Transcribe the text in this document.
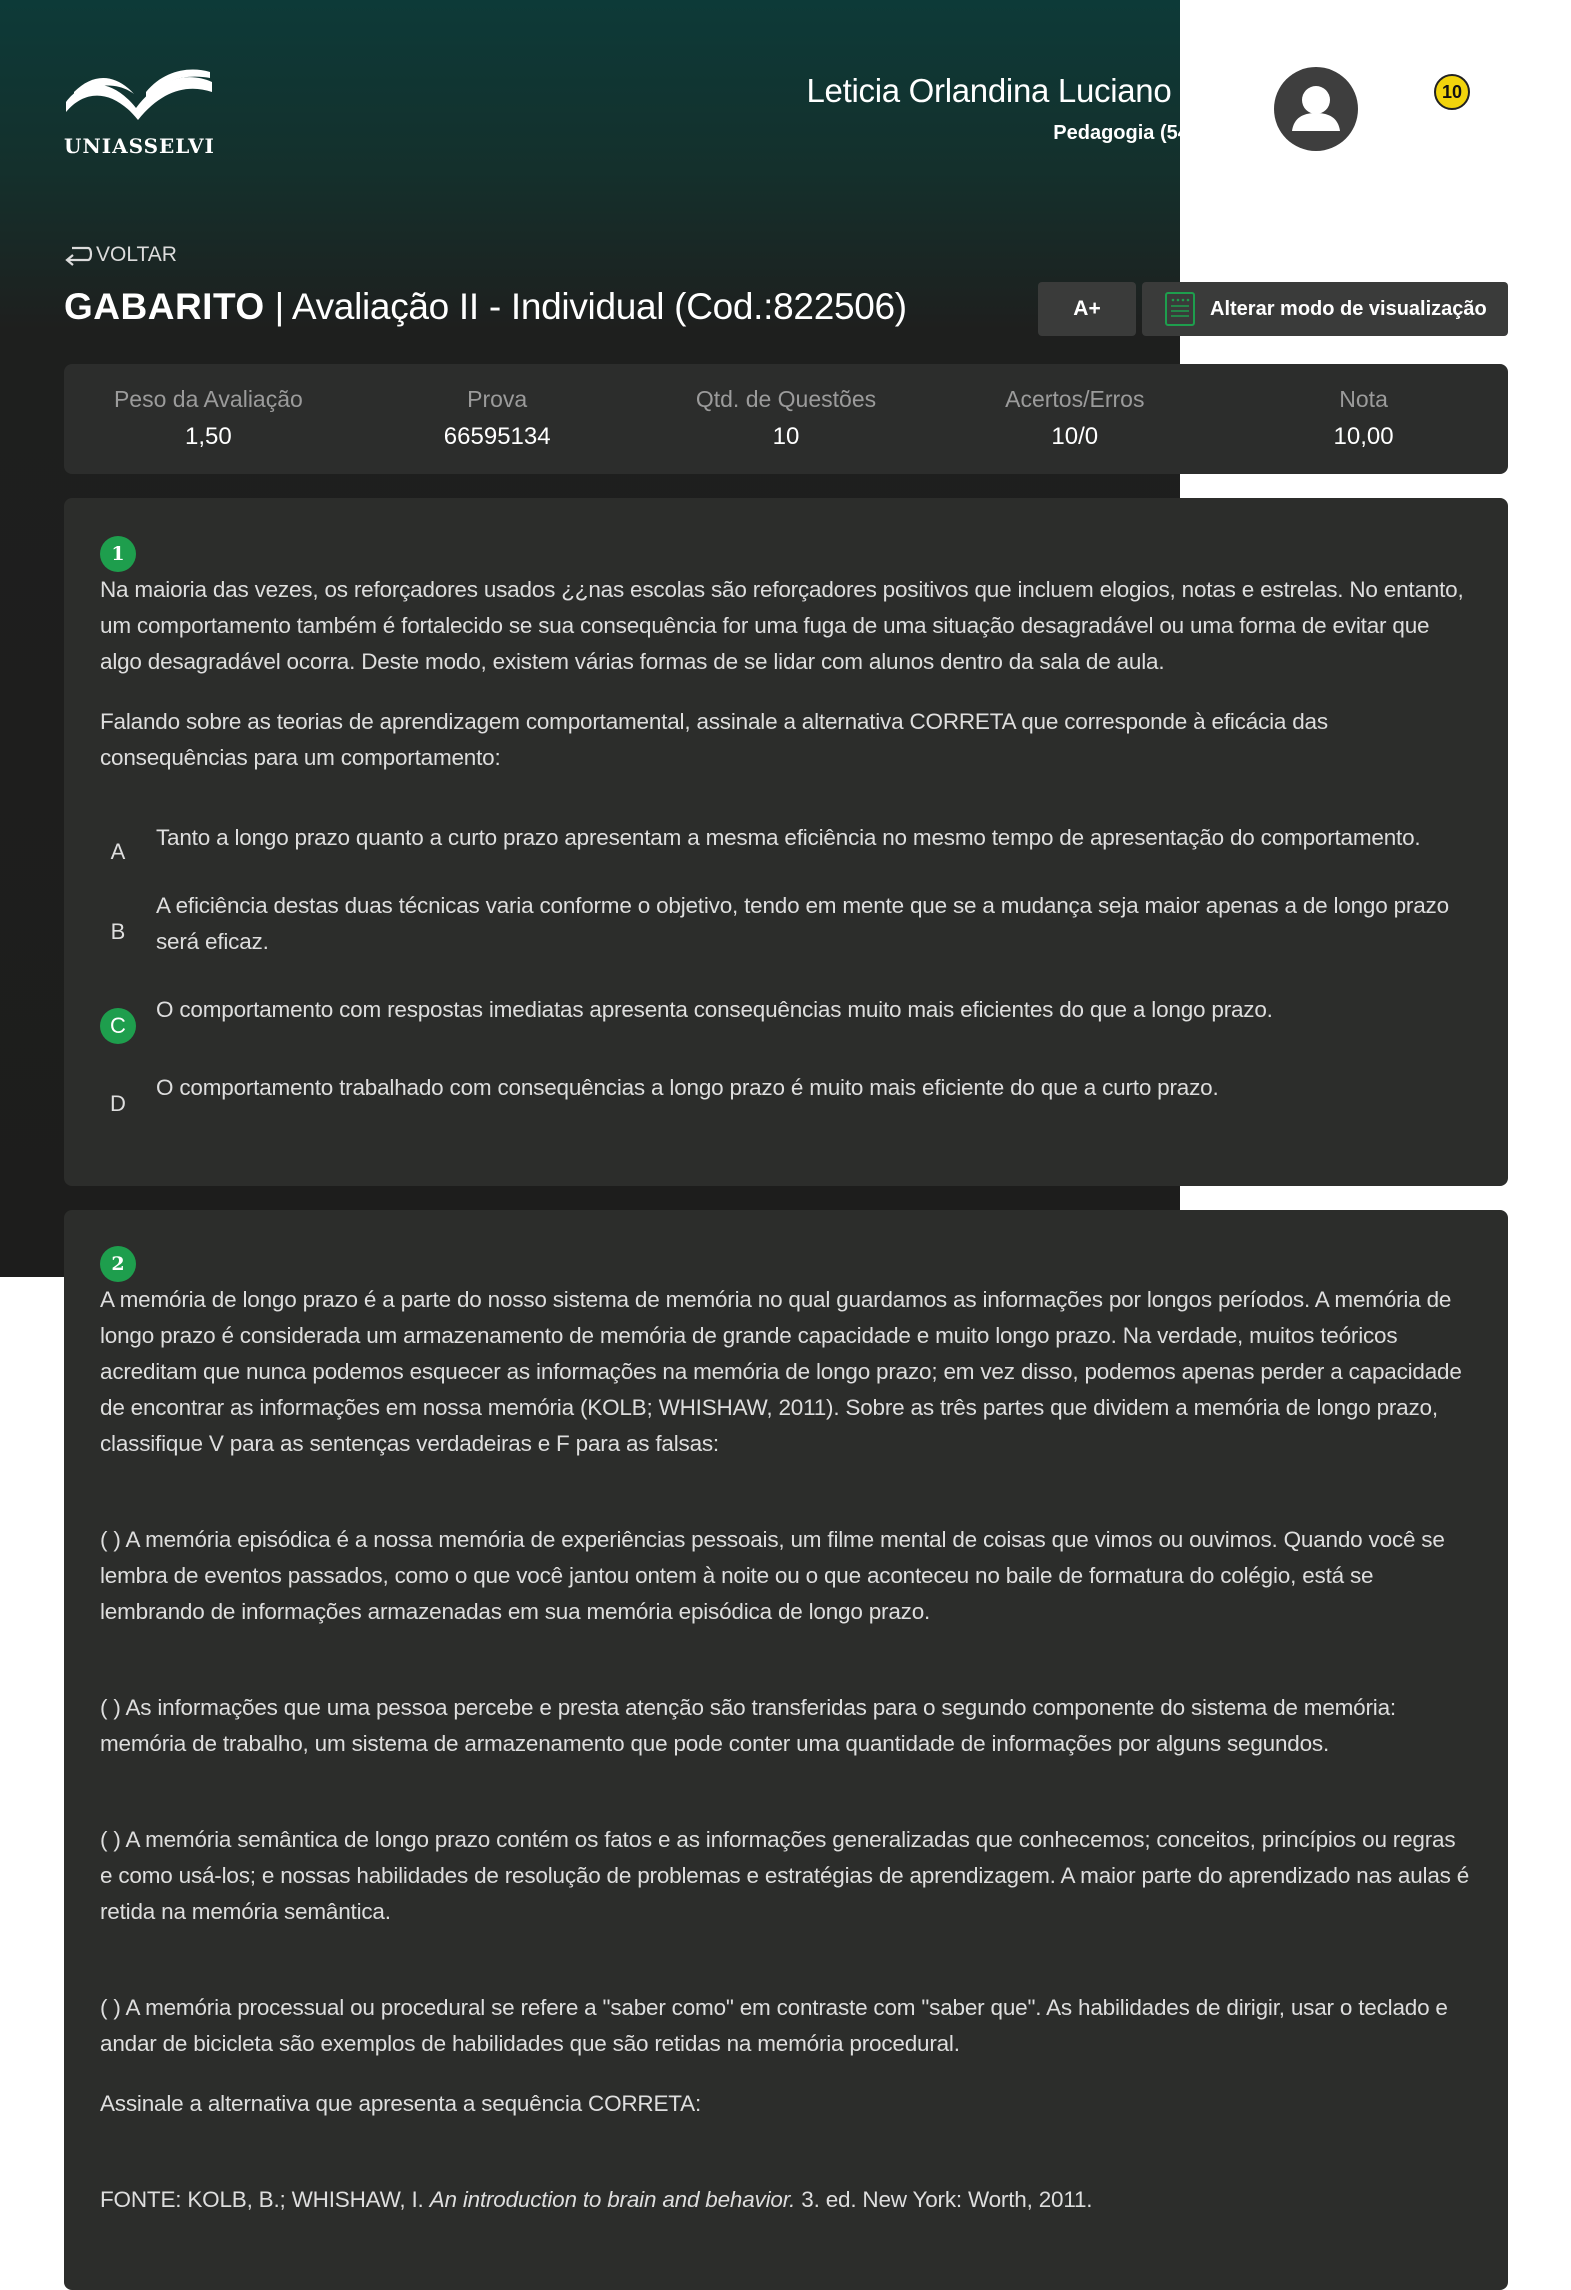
UNIASSELVI
Leticia Orlandina Luciano S
Pedagogia (545
10
VOLTAR
GABARITO | Avaliação II - Individual (Cod.:822506)	A+	Alterar modo de visualização
Peso da Avaliação
1,50
Prova
66595134
Qtd. de Questões
10
Acertos/Erros
10/0
Nota
10,00
1

Na maioria das vezes, os reforçadores usados ¿¿nas escolas são reforçadores positivos que incluem elogios, notas e estrelas. No entanto, um comportamento também é fortalecido se sua consequência for uma fuga de uma situação desagradável ou uma forma de evitar que algo desagradável ocorra. Deste modo, existem várias formas de se lidar com alunos dentro da sala de aula.

Falando sobre as teorias de aprendizagem comportamental, assinale a alternativa CORRETA que corresponde à eficácia das consequências para um comportamento:

A
Tanto a longo prazo quanto a curto prazo apresentam a mesma eficiência no mesmo tempo de apresentação do comportamento.
B
A eficiência destas duas técnicas varia conforme o objetivo, tendo em mente que se a mudança seja maior apenas a de longo prazo será eficaz.
C
O comportamento com respostas imediatas apresenta consequências muito mais eficientes do que a longo prazo.
D
O comportamento trabalhado com consequências a longo prazo é muito mais eficiente do que a curto prazo.
2

A memória de longo prazo é a parte do nosso sistema de memória no qual guardamos as informações por longos períodos. A memória de longo prazo é considerada um armazenamento de memória de grande capacidade e muito longo prazo. Na verdade, muitos teóricos acreditam que nunca podemos esquecer as informações na memória de longo prazo; em vez disso, podemos apenas perder a capacidade de encontrar as informações em nossa memória (KOLB; WHISHAW, 2011). Sobre as três partes que dividem a memória de longo prazo, classifique V para as sentenças verdadeiras e F para as falsas:

( ) A memória episódica é a nossa memória de experiências pessoais, um filme mental de coisas que vimos ou ouvimos. Quando você se lembra de eventos passados, como o que você jantou ontem à noite ou o que aconteceu no baile de formatura do colégio, está se lembrando de informações armazenadas em sua memória episódica de longo prazo.

( ) As informações que uma pessoa percebe e presta atenção são transferidas para o segundo componente do sistema de memória: memória de trabalho, um sistema de armazenamento que pode conter uma quantidade de informações por alguns segundos.

( ) A memória semântica de longo prazo contém os fatos e as informações generalizadas que conhecemos; conceitos, princípios ou regras e como usá-los; e nossas habilidades de resolução de problemas e estratégias de aprendizagem. A maior parte do aprendizado nas aulas é retida na memória semântica.

( ) A memória processual ou procedural se refere a "saber como" em contraste com "saber que". As habilidades de dirigir, usar o teclado e andar de bicicleta são exemplos de habilidades que são retidas na memória procedural.

Assinale a alternativa que apresenta a sequência CORRETA:

FONTE: KOLB, B.; WHISHAW, I. An introduction to brain and behavior. 3. ed. New York: Worth, 2011.
